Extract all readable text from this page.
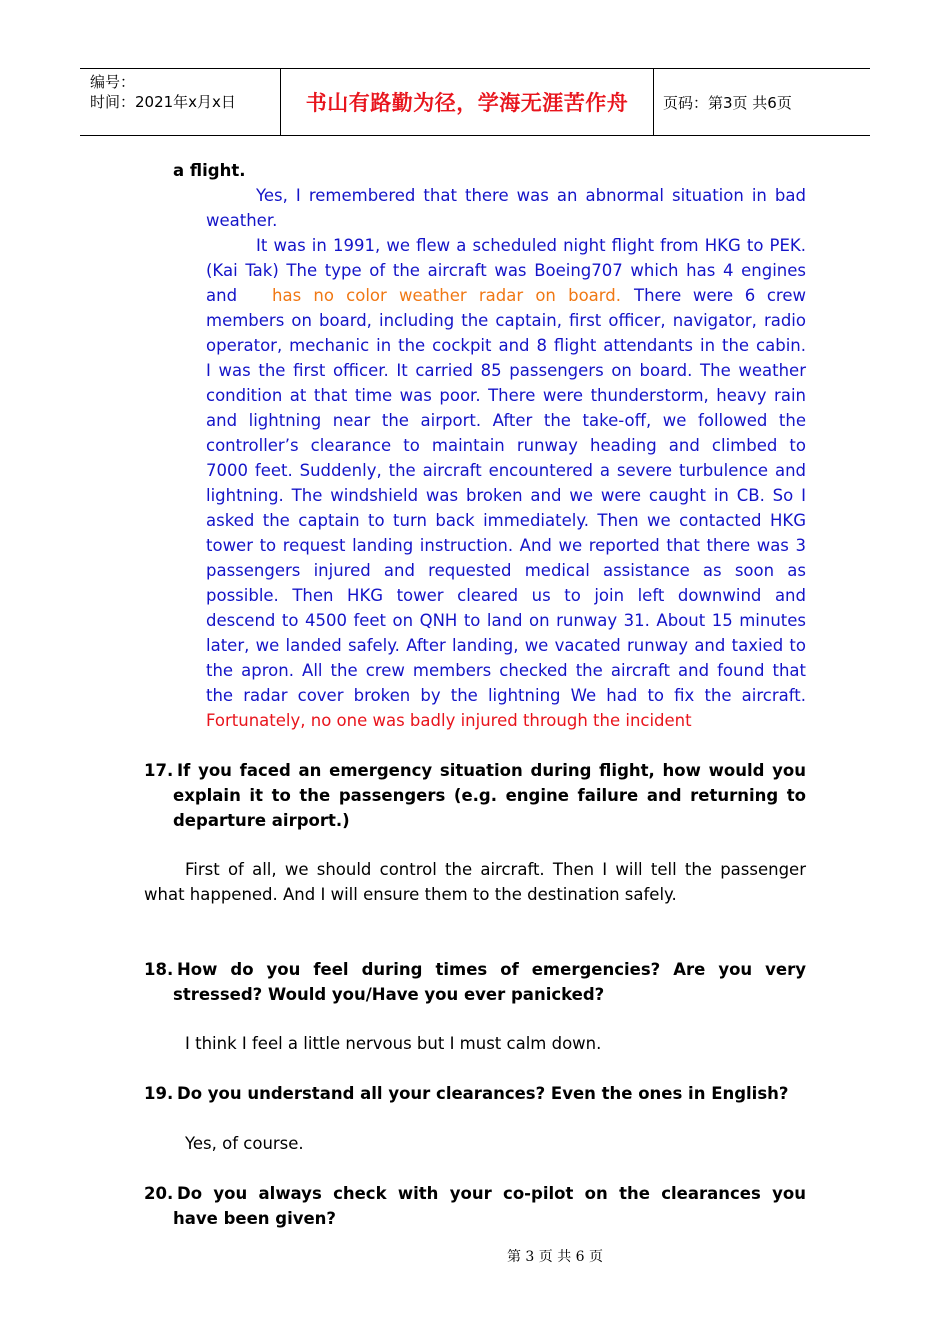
编号：
时间：2021年x月x日	书山有路勤为径，学海无涯苦作舟 页码：第3页 共6页
a flight.
Yes, I remembered that there was an abnormal situation in bad
weather.
It was in 1991, we flew a scheduled night flight from HKG to PEK.
(Kai Tak) The type of the aircraft was Boeing707 which has 4 engines
and has no color weather radar on board. There were 6 crew
members on board, including the captain, first officer, navigator, radio
operator, mechanic in the cockpit and 8 flight attendants in the cabin.
I was the first officer. It carried 85 passengers on board. The weather
condition at that time was poor. There were thunderstorm, heavy rain
and lightning near the airport. After the take-off, we followed the
controller’s clearance to maintain runway heading and climbed to
7000 feet. Suddenly, the aircraft encountered a severe turbulence and
lightning. The windshield was broken and we were caught in CB. So I
asked the captain to turn back immediately. Then we contacted HKG
tower to request landing instruction. And we reported that there was 3
passengers injured and requested medical assistance as soon as
possible. Then HKG tower cleared us to join left downwind and
descend to 4500 feet on QNH to land on runway 31. About 15 minutes
later, we landed safely. After landing, we vacated runway and taxied to
the apron. All the crew members checked the aircraft and found that
the radar cover broken by the lightning We had to fix the aircraft.
Fortunately, no one was badly injured through the incident
17. If you faced an emergency situation during flight, how would you
explain it to the passengers (e.g. engine failure and returning to
departure airport.)
First of all, we should control the aircraft. Then I will tell the passenger
what happened. And I will ensure them to the destination safely.
18. How do you feel during times of emergencies? Are you very
stressed? Would you/Have you ever panicked?
I think I feel a little nervous but I must calm down.
19. Do you understand all your clearances? Even the ones in English?
Yes, of course.
20. Do you always check with your co-pilot on the clearances you
have been given?
第 3 页 共 6 页
